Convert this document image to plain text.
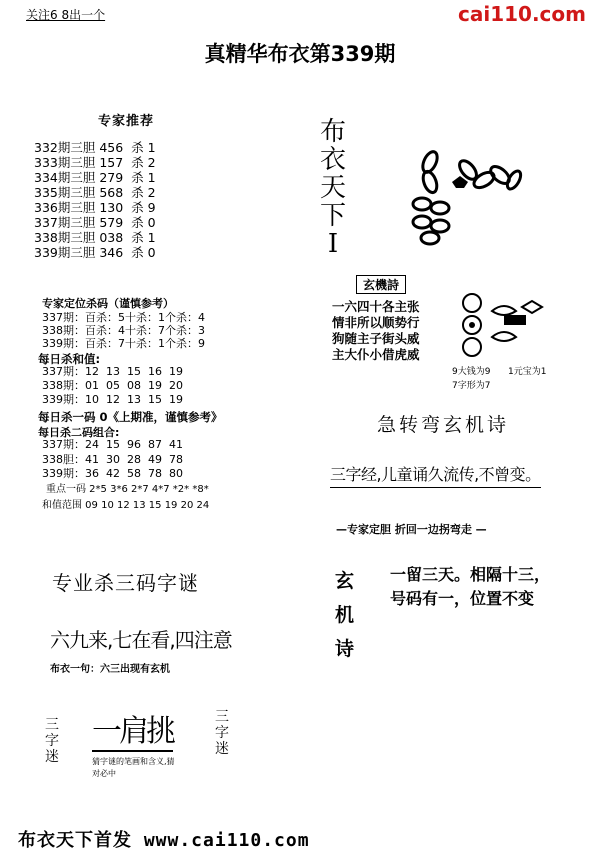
关注6 8出一个	cai110.com
真精华布衣第339期
专家推荐
332期三胆 456  杀 1
333期三胆 157  杀 2
334期三胆 279  杀 1
335期三胆 568  杀 2
336期三胆 130  杀 9
337期三胆 579  杀 0
338期三胆 038  杀 1
339期三胆 346  杀 0
专家定位杀码（谨慎参考）
337期：百杀：5十杀：1个杀：4
338期：百杀：4十杀：7个杀：3
339期：百杀：7十杀：1个杀：9
每日杀和值:
337期：12  13  15  16  19
338期：01  05  08  19  20
339期：10  12  13  15  19
每日杀一码 0《上期准，谨慎参考》
每日杀二码组合:
337期：24  15  96  87  41
338胆：41  30  28  49  78
339期：36  42  58  78  80
重点一码 2*5 3*6 2*7 4*7 *2* *8*
和值范围 09 10 12 13 15 19 20 24
布
衣
天
下
I
玄機詩
一六四十各主张
情非所以顺势行
狗随主子街头威
主大仆小借虎威
9大钱为9 1元宝为1
7字形为7
急转弯玄机诗
三字经,儿童诵久流传,不曾变。
—专家定胆 折回一边拐弯走 —
玄
机
诗
一留三天。相隔十三，
号码有一，位置不变
专业杀三码字谜
六九来,七在看,四注意
布衣一句：六三出现有玄机
三
字
迷
一肩挑	三
字
迷
猜字谜的笔画和含义,猜
对必中
布衣天下首发 www.cai110.com
